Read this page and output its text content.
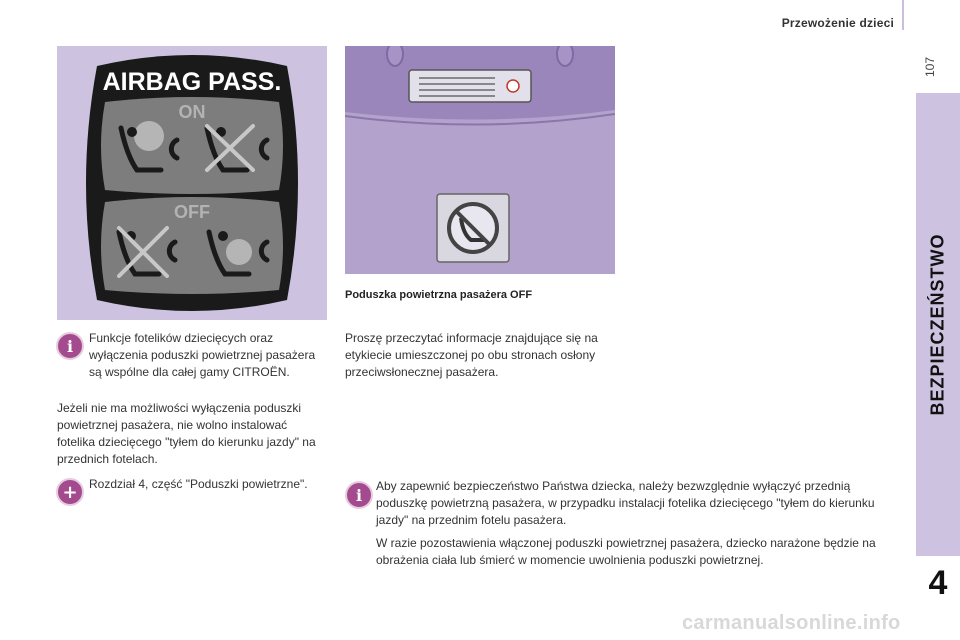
Przewożenie dzieci
107
BEZPIECZEŃSTWO
4
AIRBAG PASS.
ON
OFF
Poduszka powietrzna pasażera OFF
i	Funkcje fotelików dziecięcych oraz
wyłączenia poduszki powietrznej pasażera są wspólne dla całej gamy CITROËN.
Jeżeli nie ma możliwości wyłączenia poduszki powietrznej pasażera, nie wolno instalować fotelika dziecięcego "tyłem do kierunku jazdy" na przednich fotelach.
+ Rozdział 4, część "Poduszki powietrzne".
Proszę przeczytać informacje znajdujące się na etykiecie umieszczonej po obu stronach osłony przeciwsłonecznej pasażera.
i	Aby zapewnić bezpieczeństwo Państwa dziecka, należy bezwzględnie wyłączyć przednią poduszkę powietrzną pasażera, w przypadku instalacji fotelika dziecięcego "tyłem do kierunku jazdy" na przednim fotelu pasażera.

W razie pozostawienia włączonej poduszki powietrznej pasażera, dziecko narażone będzie na obrażenia ciała lub śmierć w momencie uwolnienia poduszki powietrznej.

carmanualsonline.info
